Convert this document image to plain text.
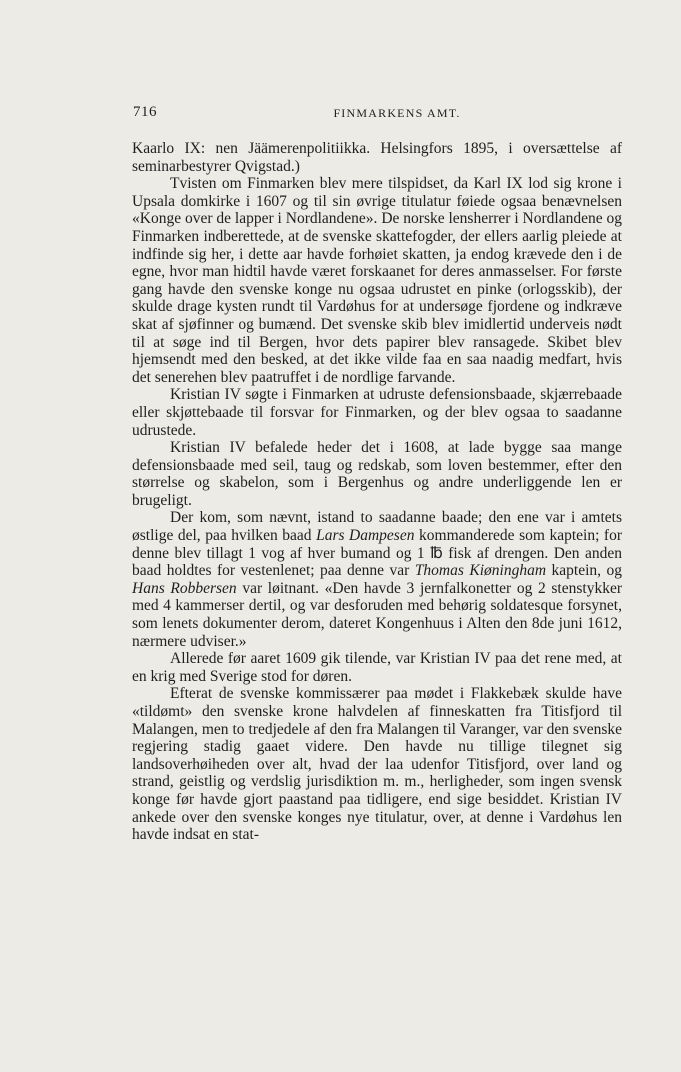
716	FINMARKENS AMT.

Kaarlo IX: nen Jäämerenpolitiikka. Helsingfors 1895, i oversættelse af seminarbestyrer Qvigstad.)

Tvisten om Finmarken blev mere tilspidset, da Karl IX lod sig krone i Upsala domkirke i 1607 og til sin øvrige titulatur føiede ogsaa benævnelsen «Konge over de lapper i Nordlandene». De norske lensherrer i Nordlandene og Finmarken indberettede, at de svenske skattefogder, der ellers aarlig pleiede at indfinde sig her, i dette aar havde forhøiet skatten, ja endog krævede den i de egne, hvor man hidtil havde været forskaanet for deres anmasselser. For første gang havde den svenske konge nu ogsaa udrustet en pinke (orlogsskib), der skulde drage kysten rundt til Vardøhus for at undersøge fjordene og indkræve skat af sjøfinner og bumænd. Det svenske skib blev imidlertid underveis nødt til at søge ind til Bergen, hvor dets papirer blev ransagede. Skibet blev hjemsendt med den besked, at det ikke vilde faa en saa naadig medfart, hvis det senerehen blev paatruffet i de nordlige farvande.

Kristian IV søgte i Finmarken at udruste defensionsbaade, skjærrebaade eller skjøttebaade til forsvar for Finmarken, og der blev ogsaa to saadanne udrustede.

Kristian IV befalede heder det i 1608, at lade bygge saa mange defensionsbaade med seil, taug og redskab, som loven bestemmer, efter den størrelse og skabelon, som i Bergenhus og andre underliggende len er brugeligt.

Der kom, som nævnt, istand to saadanne baade; den ene var i amtets østlige del, paa hvilken baad Lars Dampesen kommanderede som kaptein; for denne blev tillagt 1 vog af hver bumand og 1 ℔ fisk af drengen. Den anden baad holdtes for vestenlenet; paa denne var Thomas Kiøningham kaptein, og Hans Robbersen var løitnant. «Den havde 3 jernfalkonetter og 2 stenstykker med 4 kammerser dertil, og var desforuden med behørig soldatesque forsynet, som lenets dokumenter derom, dateret Kongenhuus i Alten den 8de juni 1612, nærmere udviser.»

Allerede før aaret 1609 gik tilende, var Kristian IV paa det rene med, at en krig med Sverige stod for døren.

Efterat de svenske kommissærer paa mødet i Flakkebæk skulde have «tildømt» den svenske krone halvdelen af finneskatten fra Titisfjord til Malangen, men to tredjedele af den fra Malangen til Varanger, var den svenske regjering stadig gaaet videre. Den havde nu tillige tilegnet sig landsoverhøiheden over alt, hvad der laa udenfor Titisfjord, over land og strand, geistlig og verdslig jurisdiktion m. m., herligheder, som ingen svensk konge før havde gjort paastand paa tidligere, end sige besiddet. Kristian IV ankede over den svenske konges nye titulatur, over, at denne i Vardøhus len havde indsat en stat-
